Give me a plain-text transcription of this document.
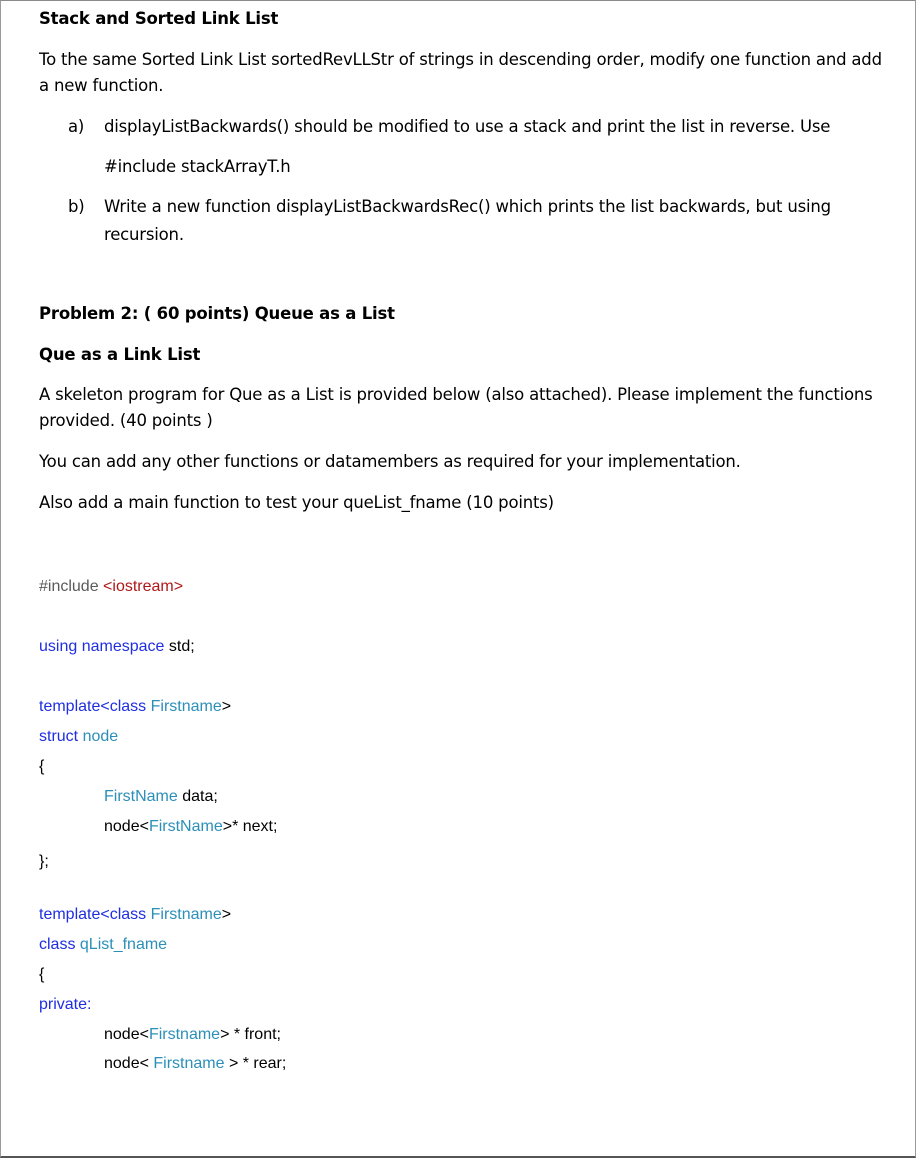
Stack and Sorted Link List
To the same Sorted Link List sortedRevLLStr of strings in descending order, modify one function and add
a new function.
a) displayListBackwards() should be modified to use a stack and print the list in reverse. Use
#include stackArrayT.h
b) Write a new function displayListBackwardsRec() which prints the list backwards, but using
recursion.
Problem 2: ( 60 points) Queue as a List
Que as a Link List
A skeleton program for Que as a List is provided below (also attached). Please implement the functions
provided. (40 points )
You can add any other functions or datamembers as required for your implementation.
Also add a main function to test your queList_fname (10 points)
#include <iostream>
using namespace std;
template<class Firstname>
struct node
{
FirstName data;
node<FirstName>* next;
};
template<class Firstname>
class qList_fname
{
private:
node<Firstname> * front;
node< Firstname > * rear;
